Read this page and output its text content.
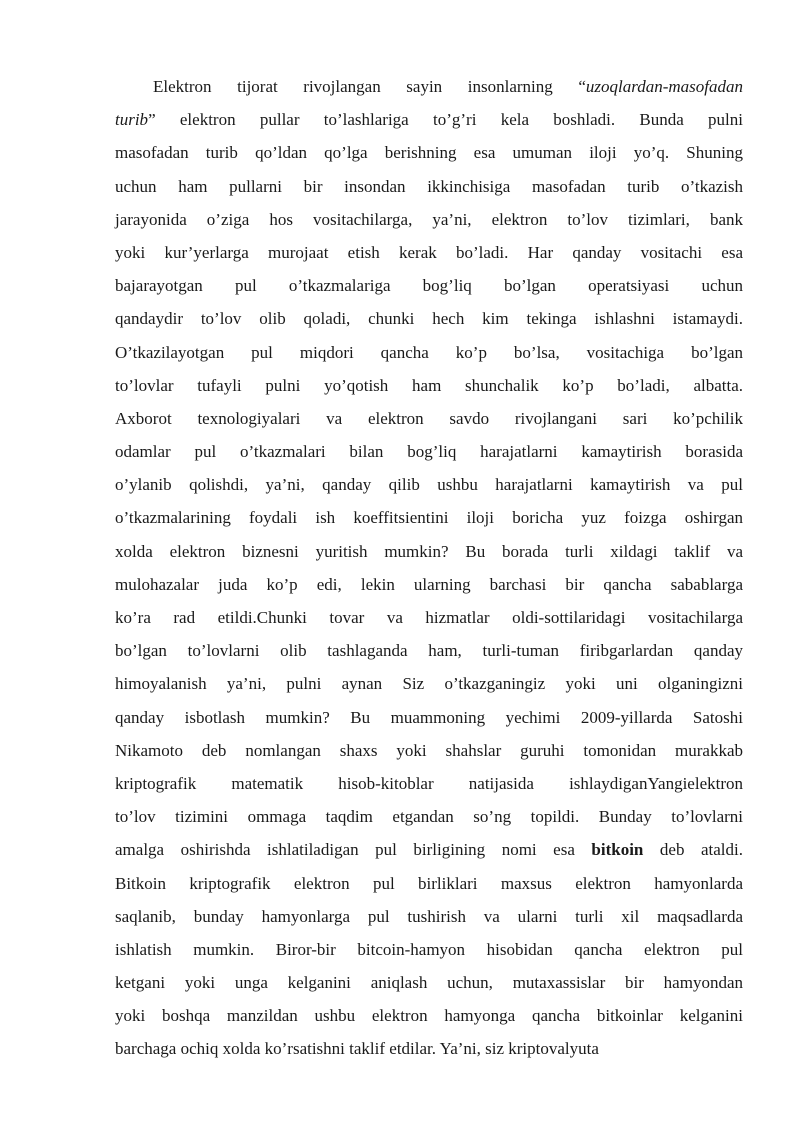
Elektron tijorat rivojlangan sayin insonlarning “uzoqlardan-masofadan
turib” elektron pullar to’lashlariga to’g’ri kela boshladi. Bunda pulni
masofadan turib qo’ldan qo’lga berishning esa umuman iloji yo’q. Shuning
uchun ham pullarni bir insondan ikkinchisiga masofadan turib o’tkazish
jarayonida o’ziga hos vositachilarga, ya’ni, elektron to’lov tizimlari, bank
yoki kur’yerlarga murojaat etish kerak bo’ladi. Har qanday vositachi esa
bajarayotgan pul o’tkazmalariga bog’liq bo’lgan operatsiyasi uchun
qandaydir to’lov olib qoladi, chunki hech kim tekinga ishlashni istamaydi.
O’tkazilayotgan pul miqdori qancha ko’p bo’lsa, vositachiga bo’lgan
to’lovlar tufayli pulni yo’qotish ham shunchalik ko’p bo’ladi, albatta.
Axborot texnologiyalari va elektron savdo rivojlangani sari ko’pchilik
odamlar pul o’tkazmalari bilan bog’liq harajatlarni kamaytirish borasida
o’ylanib qolishdi, ya’ni, qanday qilib ushbu harajatlarni kamaytirish va pul
o’tkazmalarining foydali ish koeffitsientini iloji boricha yuz foizga oshirgan
xolda elektron biznesni yuritish mumkin? Bu borada turli xildagi taklif va
mulohazalar juda ko’p edi, lekin ularning barchasi bir qancha sabablarga
ko’ra rad etildi.Chunki tovar va hizmatlar oldi-sottilaridagi vositachilarga
bo’lgan to’lovlarni olib tashlaganda ham, turli-tuman firibgarlardan qanday
himoyalanish ya’ni, pulni aynan Siz o’tkazganingiz yoki uni olganingizni
qanday isbotlash mumkin? Bu muammoning yechimi 2009-yillarda Satoshi
Nikamoto deb nomlangan shaxs yoki shahslar guruhi tomonidan murakkab
kriptografik matematik hisob-kitoblar natijasida ishlaydiganYangielektron
to’lov tizimini ommaga taqdim etgandan so’ng topildi. Bunday to’lovlarni
amalga oshirishda ishlatiladigan pul birligining nomi esa bitkoin deb ataldi.
Bitkoin kriptografik elektron pul birliklari maxsus elektron hamyonlarda
saqlanib, bunday hamyonlarga pul tushirish va ularni turli xil maqsadlarda
ishlatish mumkin. Biror-bir bitcoin-hamyon hisobidan qancha elektron pul
ketgani yoki unga kelganini aniqlash uchun, mutaxassislar bir hamyondan
yoki boshqa manzildan ushbu elektron hamyonga qancha bitkoinlar kelganini
barchaga ochiq xolda ko’rsatishni taklif etdilar. Ya’ni, siz kriptovalyuta
